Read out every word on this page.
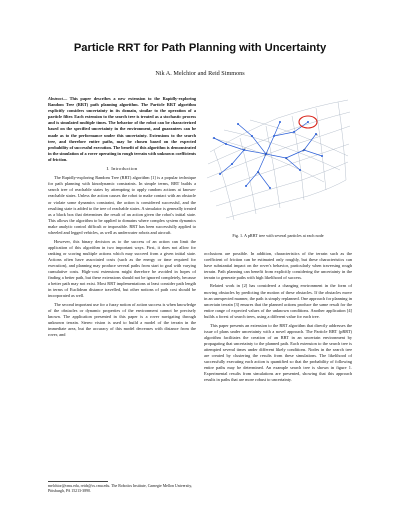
Particle RRT for Path Planning with Uncertainty
Nik A. Melchior and Reid Simmons
Abstract— This paper describes a new extension to the Rapidly-exploring Random Tree (RRT) path planning algorithm. The Particle RRT algorithm explicitly considers uncertainty in its domain, similar to the operation of a particle filter. Each extension to the search tree is treated as a stochastic process and is simulated multiple times. The behavior of the robot can be characterized based on the specified uncertainty in the environment, and guarantees can be made as to the performance under this uncertainty. Extensions to the search tree, and therefore entire paths, may be chosen based on the expected probability of successful execution. The benefit of this algorithm is demonstrated in the simulation of a rover operating in rough terrain with unknown coefficients of friction.
I. Introduction

The Rapidly-exploring Random Tree (RRT) algorithm [1] is a popular technique for path planning with kinodynamic constraints. In simple terms, RRT builds a search tree of reachable states by attempting to apply random actions at known-reachable states. Unless the action causes the robot to make contact with an obstacle or violate some dynamics constraint, the action is considered successful, and the resulting state is added to the tree of reachable states. A simulator is generally treated as a black box that determines the result of an action given the robot's initial state. This allows the algorithm to be applied to domains where complex system dynamics make analytic control difficult or impossible. RRT has been successfully applied to wheeled and legged vehicles, as well as underwater robots and aircraft.

However, this binary decision as to the success of an action can limit the application of this algorithm in two important ways. First, it does not allow for ranking or scoring multiple actions which may succeed from a given initial state. Actions often have associated costs (such as the energy or time required for execution), and planning may produce several paths from start to goal with varying cumulative costs. High-cost extensions might therefore be avoided in hopes of finding a better path, but these extensions should not be ignored completely, because a better path may not exist. Most RRT implementations at least consider path length in terms of Euclidean distance travelled, but other notions of path cost should be incorporated as well.

The second important use for a fuzzy notion of action success is when knowledge of the obstacles or dynamic properties of the environment cannot be precisely known. The application presented in this paper is a rover navigating through unknown terrain. Stereo vision is used to build a model of the terrain in the immediate area, but the accuracy of this model decreases with distance from the rover, and

Fig. 1. A pRRT tree with several particles at each node

occlusions are possible. In addition, characteristics of the terrain such as the coefficient of friction can be estimated only roughly, but these characteristics can have substantial impact on the rover's behavior, particularly when traversing rough terrain. Path planning can benefit from explicitly considering the uncertainty in the terrain to generate paths with high likelihood of success.

Related work in [2] has considered a changing environment in the form of moving obstacles by predicting the motion of these obstacles. If the obstacles move in an unexpected manner, the path is simply replanned. One approach for planning in uncertain terrain [3] ensures that the planned actions produce the same result for the entire range of expected values of the unknown conditions. Another application [4] builds a forest of search trees, using a different value for each tree.

This paper presents an extension to the RRT algorithm that directly addresses the issue of plans under uncertainty with a novel approach. The Particle RRT (pRRT) algorithm facilitates the creation of an RRT in an uncertain environment by propagating that uncertainty to the planned path. Each extension to the search tree is attempted several times under different likely conditions. Nodes in the search tree are created by clustering the results from these simulations. The likelihood of successfully executing each action is quantified so that the probability of following entire paths may be determined. An example search tree is shown in figure 1. Experimental results from simulations are presented, showing that this approach results in paths that are more robust to uncertainty.

melchior@cmu.edu, reids@cs.cmu.edu. The Robotics Institute, Carnegie Mellon University, Pittsburgh, PA 15213-3890.
